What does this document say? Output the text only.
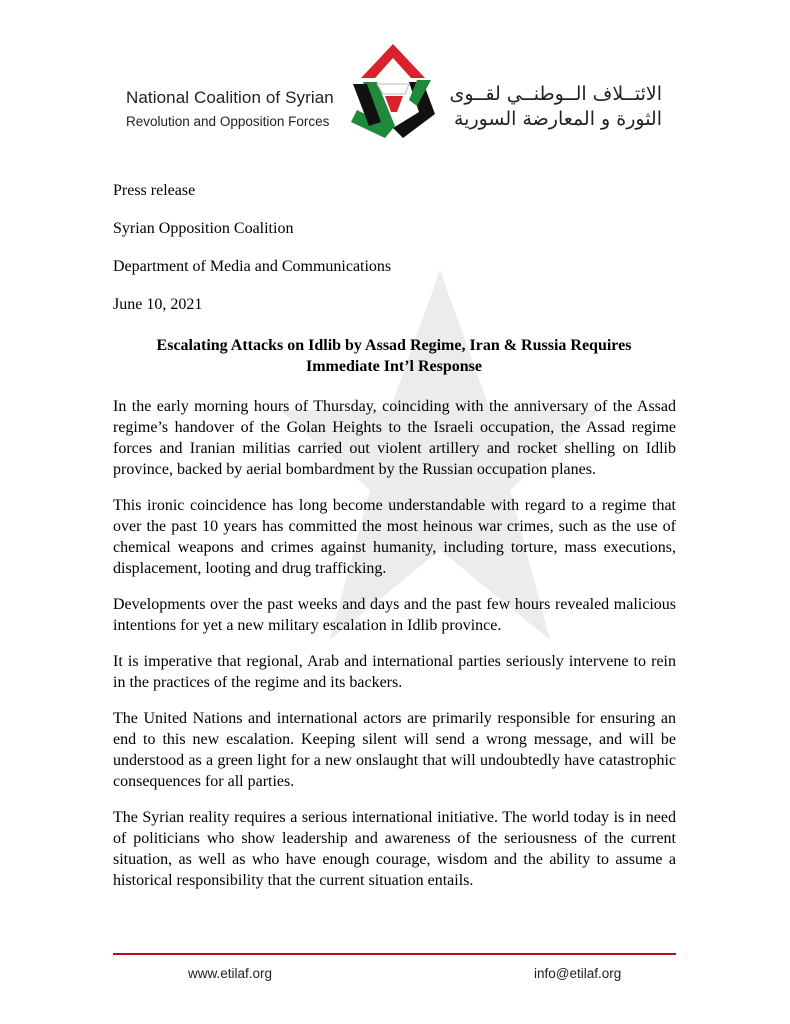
National Coalition of Syrian
Revolution and Opposition Forces
الائتــلاف الــوطنــي لقــوى
الثورة و المعارضة السورية
Press release
Syrian Opposition Coalition
Department of Media and Communications
June 10, 2021
Escalating Attacks on Idlib by Assad Regime, Iran & Russia Requires
Immediate Int’l Response

In the early morning hours of Thursday, coinciding with the anniversary of the Assad regime’s handover of the Golan Heights to the Israeli occupation, the Assad regime forces and Iranian militias carried out violent artillery and rocket shelling on Idlib province, backed by aerial bombardment by the Russian occupation planes.

This ironic coincidence has long become understandable with regard to a regime that over the past 10 years has committed the most heinous war crimes, such as the use of chemical weapons and crimes against humanity, including torture, mass executions, displacement, looting and drug trafficking.

Developments over the past weeks and days and the past few hours revealed malicious intentions for yet a new military escalation in Idlib province.

It is imperative that regional, Arab and international parties seriously intervene to rein in the practices of the regime and its backers.

The United Nations and international actors are primarily responsible for ensuring an end to this new escalation. Keeping silent will send a wrong message, and will be understood as a green light for a new onslaught that will undoubtedly have catastrophic consequences for all parties.

The Syrian reality requires a serious international initiative. The world today is in need of politicians who show leadership and awareness of the seriousness of the current situation, as well as who have enough courage, wisdom and the ability to assume a historical responsibility that the current situation entails.

www.etilaf.org	info@etilaf.org
